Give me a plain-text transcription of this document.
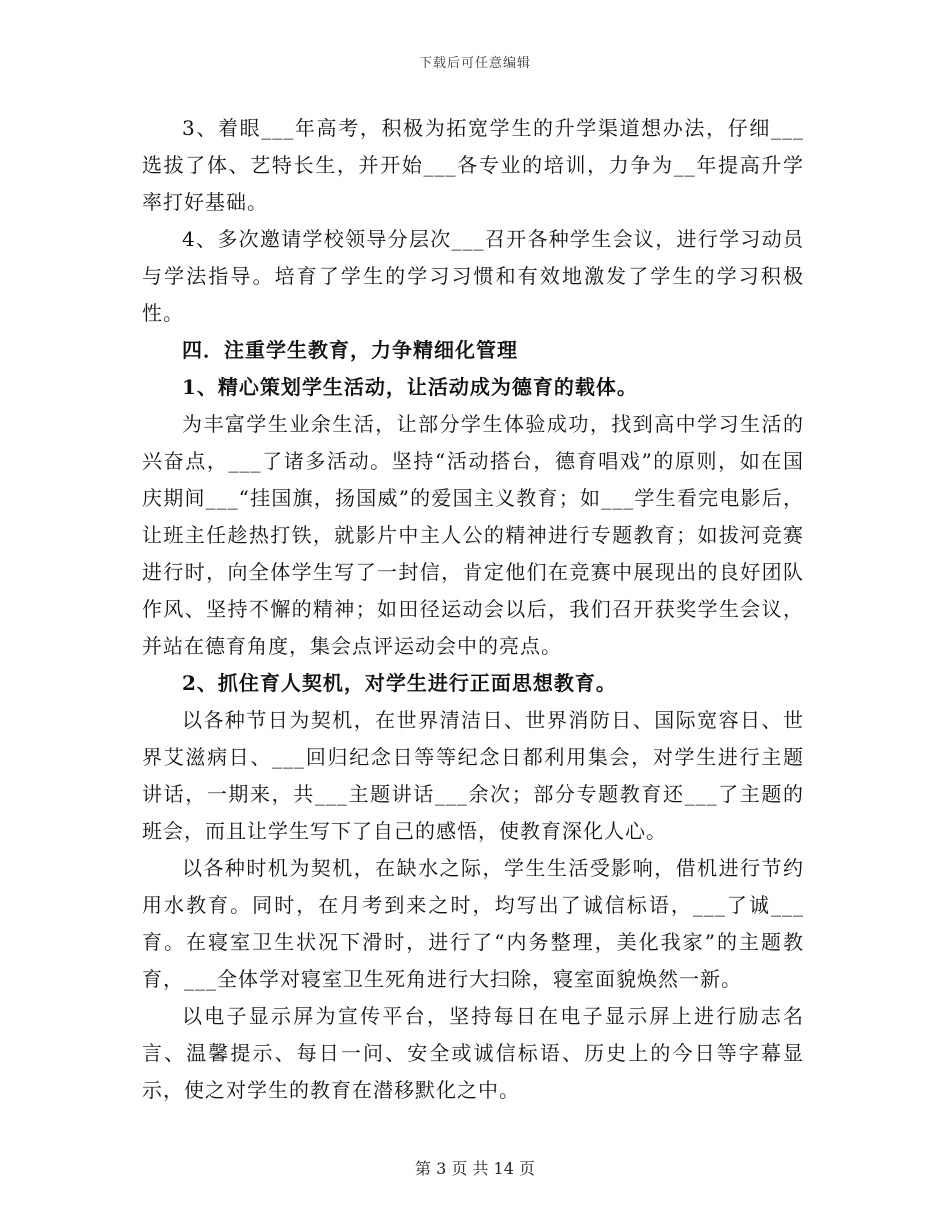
下载后可任意编辑

3、着眼___年高考，积极为拓宽学生的升学渠道想办法，仔细___选拔了体、艺特长生，并开始___各专业的培训，力争为__年提高升学率打好基础。

4、多次邀请学校领导分层次___召开各种学生会议，进行学习动员与学法指导。培育了学生的学习习惯和有效地激发了学生的学习积极性。

四．注重学生教育，力争精细化管理

1、精心策划学生活动，让活动成为德育的载体。

为丰富学生业余生活，让部分学生体验成功，找到高中学习生活的兴奋点，___了诸多活动。坚持“活动搭台，德育唱戏”的原则，如在国庆期间___“挂国旗，扬国威”的爱国主义教育；如___学生看完电影后，让班主任趁热打铁，就影片中主人公的精神进行专题教育；如拔河竞赛进行时，向全体学生写了一封信，肯定他们在竞赛中展现出的良好团队作风、坚持不懈的精神；如田径运动会以后，我们召开获奖学生会议，并站在德育角度，集会点评运动会中的亮点。

2、抓住育人契机，对学生进行正面思想教育。

以各种节日为契机，在世界清洁日、世界消防日、国际宽容日、世界艾滋病日、___回归纪念日等等纪念日都利用集会，对学生进行主题讲话，一期来，共___主题讲话___余次；部分专题教育还___了主题的班会，而且让学生写下了自己的感悟，使教育深化人心。

以各种时机为契机，在缺水之际，学生生活受影响，借机进行节约用水教育。同时，在月考到来之时，均写出了诚信标语，___了诚___育。在寝室卫生状况下滑时，进行了“内务整理，美化我家”的主题教育，___全体学对寝室卫生死角进行大扫除，寝室面貌焕然一新。

以电子显示屏为宣传平台，坚持每日在电子显示屏上进行励志名言、温馨提示、每日一问、安全或诚信标语、历史上的今日等字幕显示，使之对学生的教育在潜移默化之中。

第 3 页 共 14 页
